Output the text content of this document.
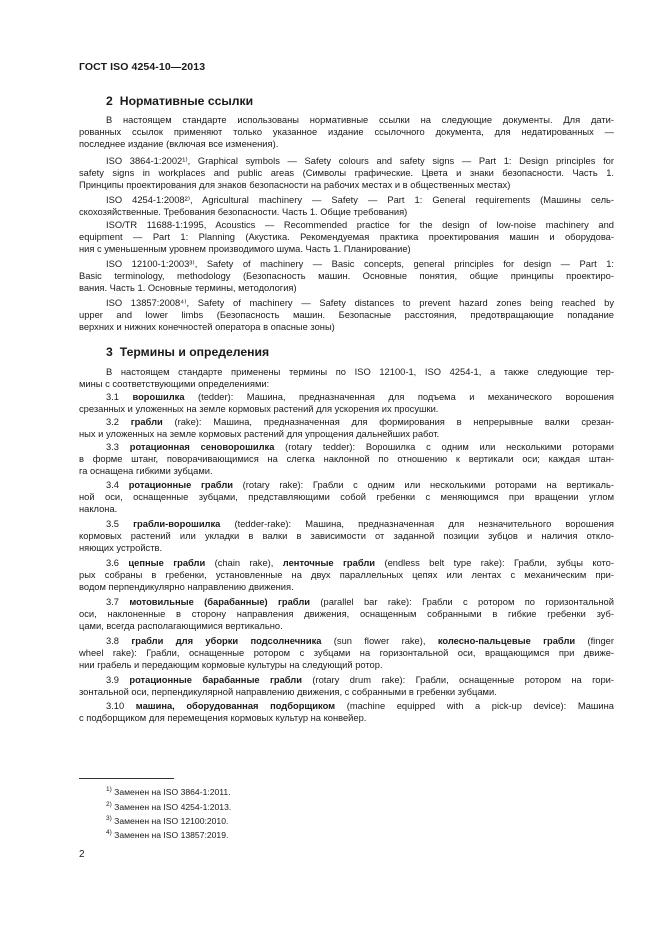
ГОСТ ISO 4254-10—2013
2 Нормативные ссылки
В настоящем стандарте использованы нормативные ссылки на следующие документы. Для дати-
рованных ссылок применяют только указанное издание ссылочного документа, для недатированных —
последнее издание (включая все изменения).
ISO 3864-1:2002¹⁾, Graphical symbols — Safety colours and safety signs — Part 1: Design principles for
safety signs in workplaces and public areas (Символы графические. Цвета и знаки безопасности. Часть 1.
Принципы проектирования для знаков безопасности на рабочих местах и в общественных местах)
ISO 4254-1:2008²⁾, Agricultural machinery — Safety — Part 1: General requirements (Машины сель-
скохозяйственные. Требования безопасности. Часть 1. Общие требования)
ISO/TR 11688-1:1995, Acoustics — Recommended practice for the design of low-noise machinery and
equipment — Part 1: Planning (Акустика. Рекомендуемая практика проектирования машин и оборудова-
ния с уменьшенным уровнем производимого шума. Часть 1. Планирование)
ISO 12100-1:2003³⁾, Safety of machinery — Basic concepts, general principles for design — Part 1:
Basic terminology, methodology (Безопасность машин. Основные понятия, общие принципы проектиро-
вания. Часть 1. Основные термины, методология)
ISO 13857:2008⁴⁾, Safety of machinery — Safety distances to prevent hazard zones being reached by
upper and lower limbs (Безопасность машин. Безопасные расстояния, предотвращающие попадание
верхних и нижних конечностей оператора в опасные зоны)
3 Термины и определения
В настоящем стандарте применены термины по ISO 12100-1, ISO 4254-1, а также следующие тер-
мины с соответствующими определениями:
3.1 ворошилка (tedder): Машина, предназначенная для подъема и механического ворошения
срезанных и уложенных на земле кормовых растений для ускорения их просушки.
3.2 грабли (rake): Машина, предназначенная для формирования в непрерывные валки срезан-
ных и уложенных на земле кормовых растений для упрощения дальнейших работ.
3.3 ротационная сеноворошилка (rotary tedder): Ворошилка с одним или несколькими роторами
в форме штанг, поворачивающимися на слегка наклонной по отношению к вертикали оси; каждая штан-
га оснащена гибкими зубцами.
3.4 ротационные грабли (rotary rake): Грабли с одним или несколькими роторами на вертикаль-
ной оси, оснащенные зубцами, представляющими собой гребенки с меняющимся при вращении углом
наклона.
3.5 грабли-ворошилка (tedder-rake): Машина, предназначенная для незначительного ворошения
кормовых растений или укладки в валки в зависимости от заданной позиции зубцов и наличия откло-
няющих устройств.
3.6 цепные грабли (chain rake), ленточные грабли (endless belt type rake): Грабли, зубцы кото-
рых собраны в гребенки, установленные на двух параллельных цепях или лентах с механическим при-
водом перпендикулярно направлению движения.
3.7 мотовильные (барабанные) грабли (parallel bar rake): Грабли с ротором по горизонтальной
оси, наклоненные в сторону направления движения, оснащенным собранными в гибкие гребенки зуб-
цами, всегда располагающимися вертикально.
3.8 грабли для уборки подсолнечника (sun flower rake), колесно-пальцевые грабли (finger
wheel rake): Грабли, оснащенные ротором с зубцами на горизонтальной оси, вращающимся при движе-
нии грабель и передающим кормовые культуры на следующий ротор.
3.9 ротационные барабанные грабли (rotary drum rake): Грабли, оснащенные ротором на гори-
зонтальной оси, перпендикулярной направлению движения, с собранными в гребенки зубцами.
3.10 машина, оборудованная подборщиком (machine equipped with a pick-up device): Машина
с подборщиком для перемещения кормовых культур на конвейер.
$^{1)}$ Заменен на ISO 3864-1:2011.
$^{2)}$ Заменен на ISO 4254-1:2013.
$^{3)}$ Заменен на ISO 12100:2010.
$^{4)}$ Заменен на ISO 13857:2019.
2
